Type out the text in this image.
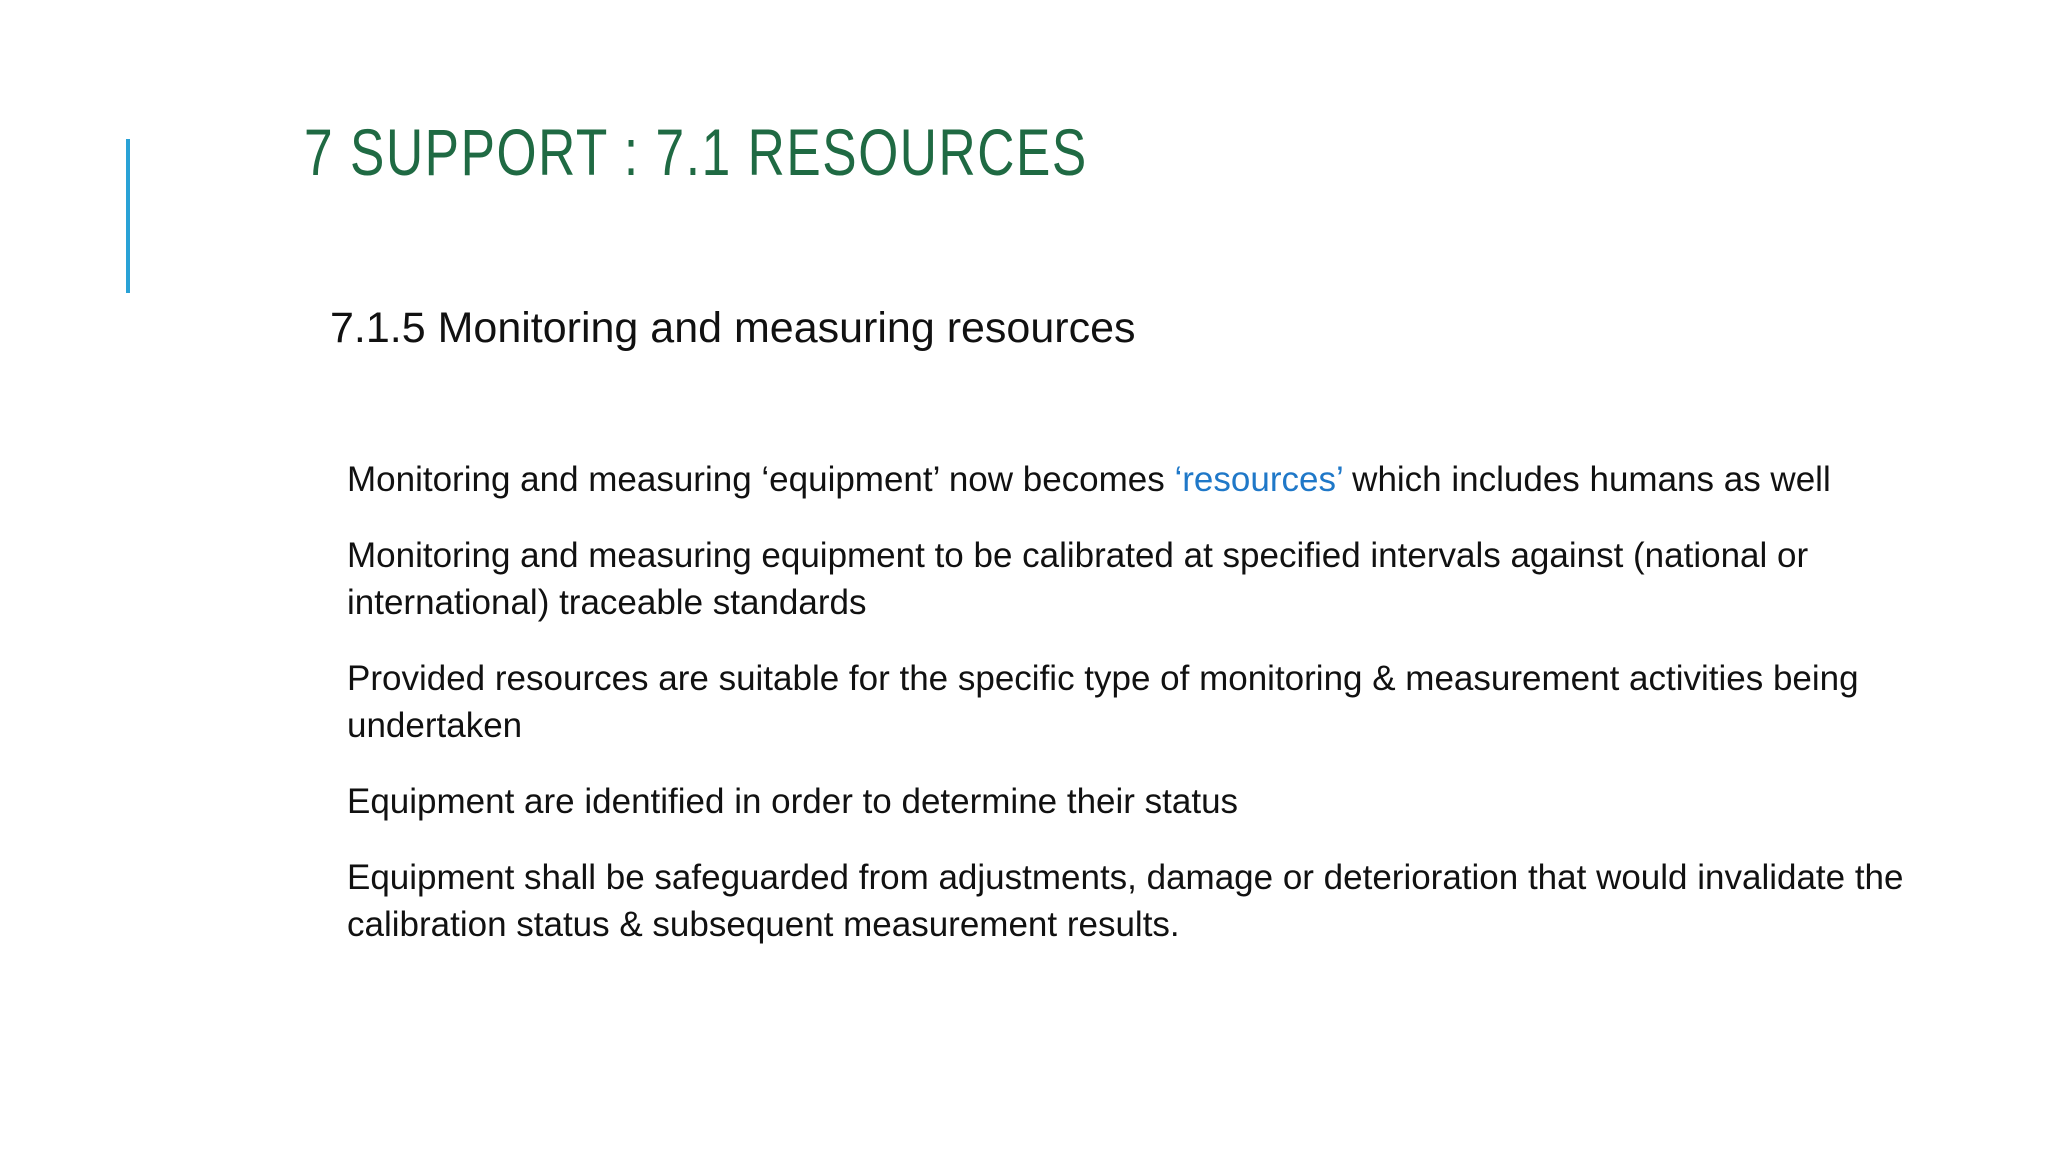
7 SUPPORT : 7.1 RESOURCES
7.1.5 Monitoring and measuring resources
Monitoring and measuring ‘equipment’ now becomes ‘resources’ which includes humans as well
Monitoring and measuring equipment to be calibrated at specified intervals against (national or international) traceable standards
Provided resources are suitable for the specific type of monitoring & measurement activities being undertaken
Equipment are identified in order to determine their status
Equipment shall be safeguarded from adjustments, damage or deterioration that would invalidate the calibration status & subsequent measurement results.
